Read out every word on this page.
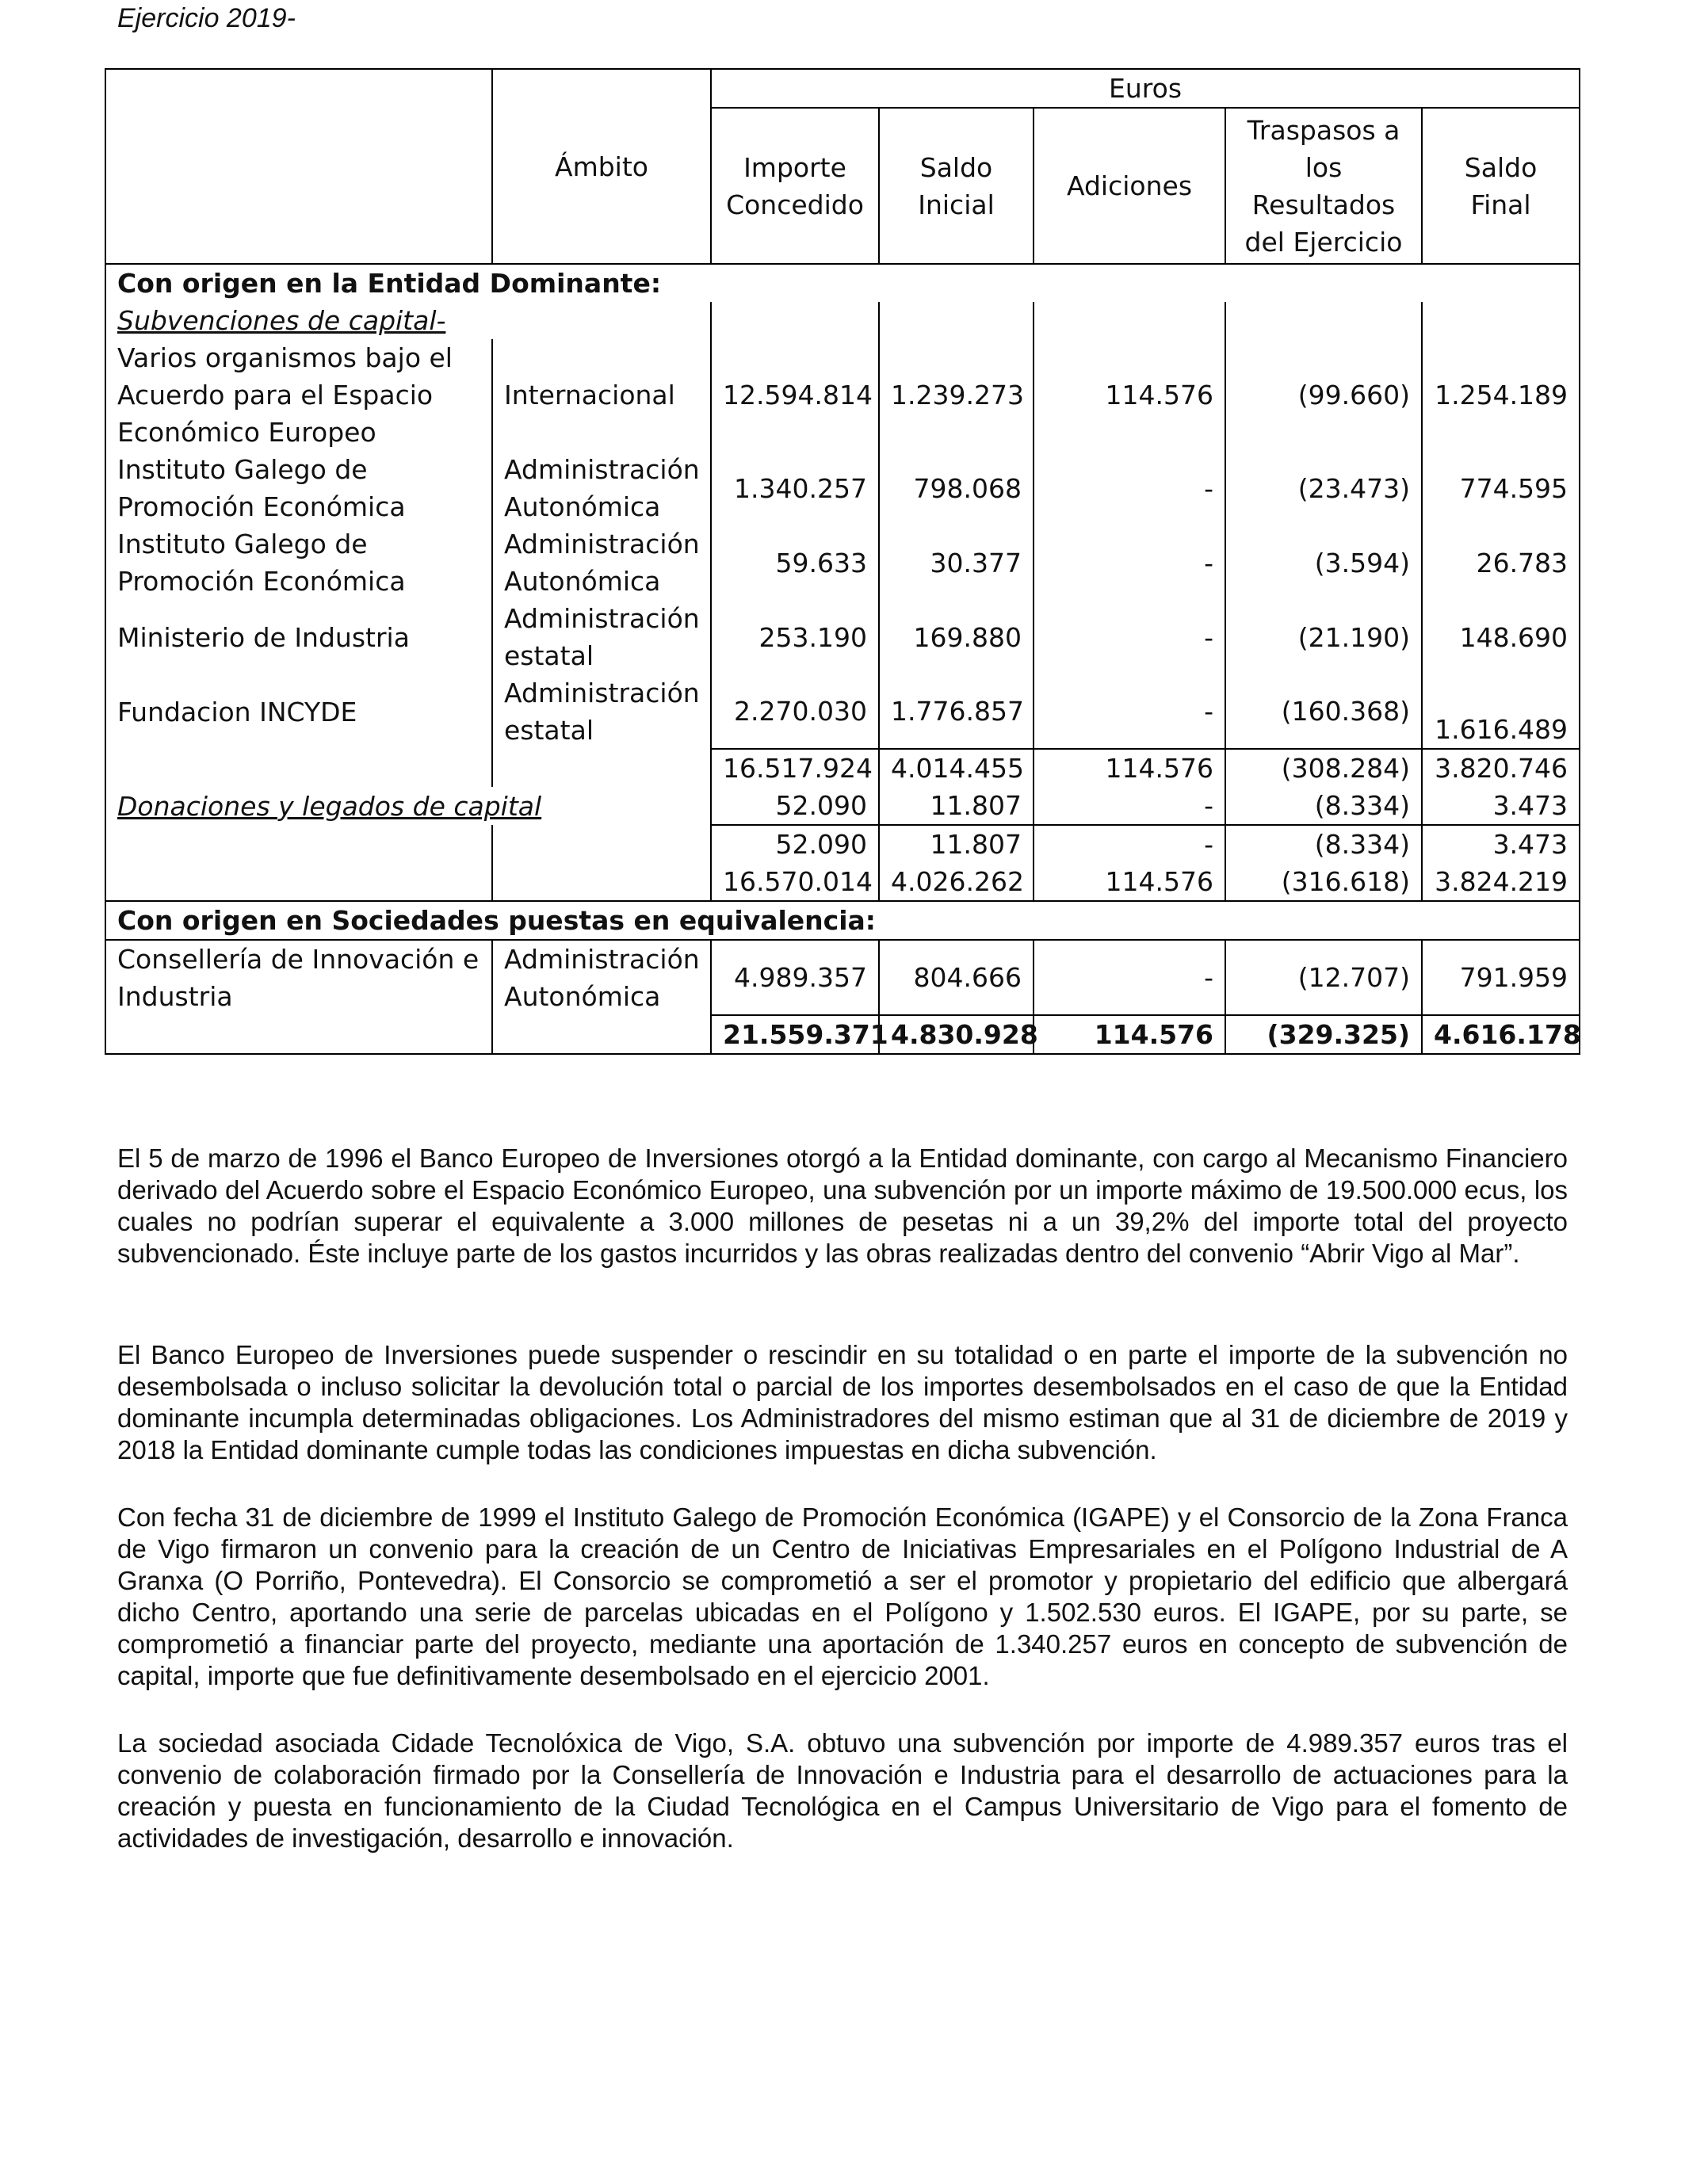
Ejercicio 2019-
	Ámbito	Euros				
		Importe Concedido	Saldo Inicial	Adiciones	Traspasos a los Resultados del Ejercicio	Saldo Final
Con origen en la Entidad Dominante:						
Subvenciones de capital-						
Varios organismos bajo el Acuerdo para el Espacio Económico Europeo	Internacional	12.594.814	1.239.273	114.576	(99.660)	1.254.189
Instituto Galego de Promoción Económica	Administración Autonómica	1.340.257	798.068	-	(23.473)	774.595
Instituto Galego de Promoción Económica	Administración Autonómica	59.633	30.377	-	(3.594)	26.783
Ministerio de Industria	Administración estatal	253.190	169.880	-	(21.190)	148.690
Fundacion INCYDE	Administración estatal	2.270.030	1.776.857	-	(160.368)	1.616.489
		16.517.924	4.014.455	114.576	(308.284)	3.820.746
Donaciones y legados de capital		52.090	11.807	-	(8.334)	3.473
		52.090	11.807	-	(8.334)	3.473
		16.570.014	4.026.262	114.576	(316.618)	3.824.219
Con origen en Sociedades puestas en equivalencia:						
Consellería de Innovación e Industria	Administración Autonómica	4.989.357	804.666	-	(12.707)	791.959
		21.559.371	4.830.928	114.576	(329.325)	4.616.178

El 5 de marzo de 1996 el Banco Europeo de Inversiones otorgó a la Entidad dominante, con cargo al Mecanismo Financiero derivado del Acuerdo sobre el Espacio Económico Europeo, una subvención por un importe máximo de 19.500.000 ecus, los cuales no podrían superar el equivalente a 3.000 millones de pesetas ni a un 39,2% del importe total del proyecto subvencionado. Éste incluye parte de los gastos incurridos y las obras realizadas dentro del convenio “Abrir Vigo al Mar”.

El Banco Europeo de Inversiones puede suspender o rescindir en su totalidad o en parte el importe de la subvención no desembolsada o incluso solicitar la devolución total o parcial de los importes desembolsados en el caso de que la Entidad dominante incumpla determinadas obligaciones. Los Administradores del mismo estiman que al 31 de diciembre de 2019 y 2018 la Entidad dominante cumple todas las condiciones impuestas en dicha subvención.

Con fecha 31 de diciembre de 1999 el Instituto Galego de Promoción Económica (IGAPE) y el Consorcio de la Zona Franca de Vigo firmaron un convenio para la creación de un Centro de Iniciativas Empresariales en el Polígono Industrial de A Granxa (O Porriño, Pontevedra). El Consorcio se comprometió a ser el promotor y propietario del edificio que albergará dicho Centro, aportando una serie de parcelas ubicadas en el Polígono y 1.502.530 euros. El IGAPE, por su parte, se comprometió a financiar parte del proyecto, mediante una aportación de 1.340.257 euros en concepto de subvención de capital, importe que fue definitivamente desembolsado en el ejercicio 2001.

La sociedad asociada Cidade Tecnolóxica de Vigo, S.A. obtuvo una subvención por importe de 4.989.357 euros tras el convenio de colaboración firmado por la Consellería de Innovación e Industria para el desarrollo de actuaciones para la creación y puesta en funcionamiento de la Ciudad Tecnológica en el Campus Universitario de Vigo para el fomento de actividades de investigación, desarrollo e innovación.
